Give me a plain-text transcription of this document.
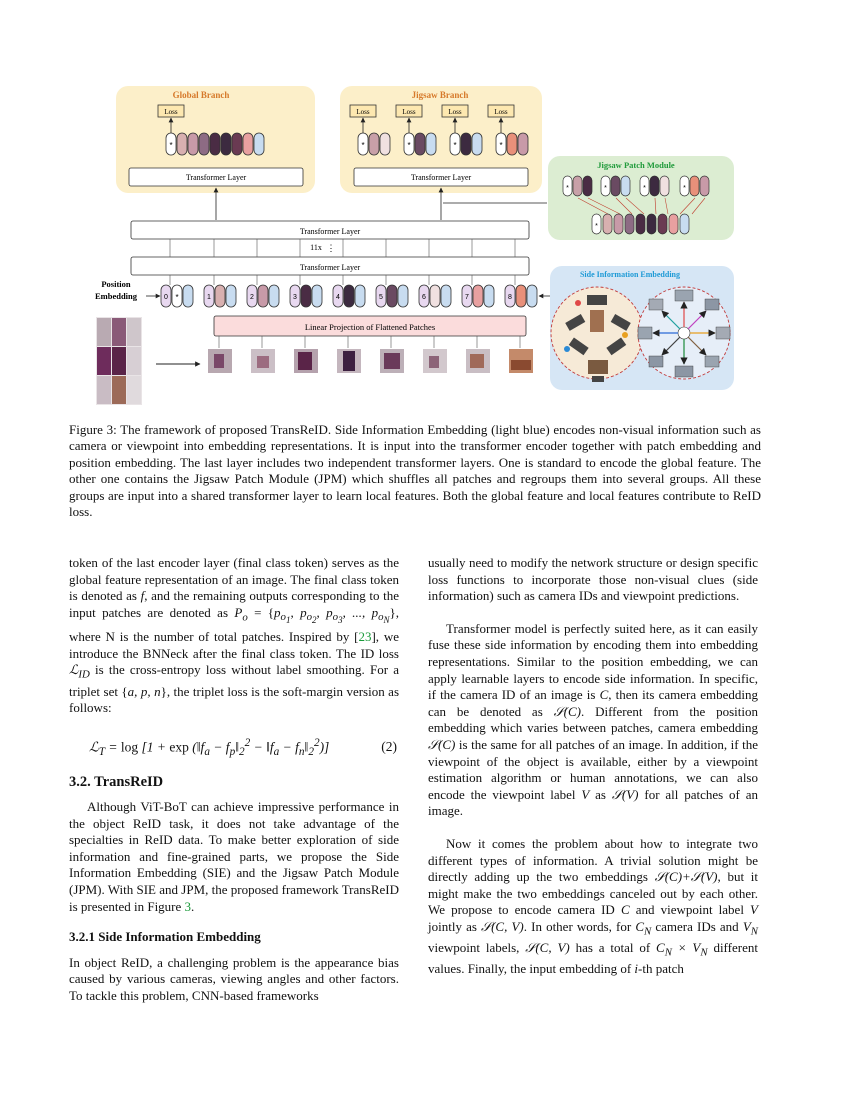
Global Branch
Loss
*
Transformer Layer
Jigsaw Branch
Loss	Loss	Loss	Loss
*	*	*	*
Transformer Layer
Jigsaw Patch Module
*	*	*	*
*
Transformer Layer
11x ⋮
Transformer Layer
Position
Embedding	0 *	1	2	3	4	5	6	7	8
Linear Projection of Flattened Patches
Side Information Embedding
Figure 3: The framework of proposed TransReID. Side Information Embedding (light blue) encodes non-visual information such as camera or viewpoint into embedding representations. It is input into the transformer encoder together with patch embedding and position embedding. The last layer includes two independent transformer layers. One is standard to encode the global feature. The other one contains the Jigsaw Patch Module (JPM) which shuffles all patches and regroups them into several groups. All these groups are input into a shared transformer layer to learn local features. Both the global feature and local features contribute to ReID loss.

token of the last encoder layer (final class token) serves as the global feature representation of an image. The final class token is denoted as f, and the remaining outputs corresponding to the input patches are denoted as $P_o = \{p_{o_1}$, $p_{o_2}$, $p_{o_3}$, ..., $p_{o_N}$}, where N is the number of total patches. Inspired by [23], we introduce the BNNeck after the final class token. The ID loss ℒ$_{ID}$ is the cross-entropy loss without label smoothing. For a triplet set {a, p, n}, the triplet loss is the soft-margin version as follows:

ℒ$_T$ = $\log [1 + \exp (‖f_a$ − $f_p‖_2^2$ − $‖f_a$ − $f_n‖_2^2$)]	(2)
3.2. TransReID

Although ViT-BoT can achieve impressive performance in the object ReID task, it does not take advantage of the specialties in ReID data. To make better exploration of side information and fine-grained parts, we propose the Side Information Embedding (SIE) and the Jigsaw Patch Module (JPM). With SIE and JPM, the proposed framework TransReID is presented in Figure 3.

3.2.1 Side Information Embedding

In object ReID, a challenging problem is the appearance bias caused by various cameras, viewing angles and other factors. To tackle this problem, CNN-based frameworks

usually need to modify the network structure or design specific loss functions to incorporate those non-visual clues (side information) such as camera IDs and viewpoint predictions.

Transformer model is perfectly suited here, as it can easily fuse these side information by encoding them into embedding representations. Similar to the position embedding, we can apply learnable layers to encode side information. In specific, if the camera ID of an image is C, then its camera embedding can be denoted as 𝒮(C). Different from the position embedding which varies between patches, camera embedding 𝒮(C) is the same for all patches of an image. In addition, if the viewpoint of the object is available, either by a viewpoint estimation algorithm or human annotations, we can also encode the viewpoint label V as 𝒮(V) for all patches of an image.

Now it comes the problem about how to integrate two different types of information. A trivial solution might be directly adding up the two embeddings 𝒮(C)+𝒮(V), but it might make the two embeddings canceled out by each other. We propose to encode camera ID C and viewpoint label V jointly as 𝒮(C, V). In other words, for $C_N$ camera IDs and $V_N$ viewpoint labels, 𝒮(C, V) has a total of $C_N \times V_N$ different values. Finally, the input embedding of i-th patch
